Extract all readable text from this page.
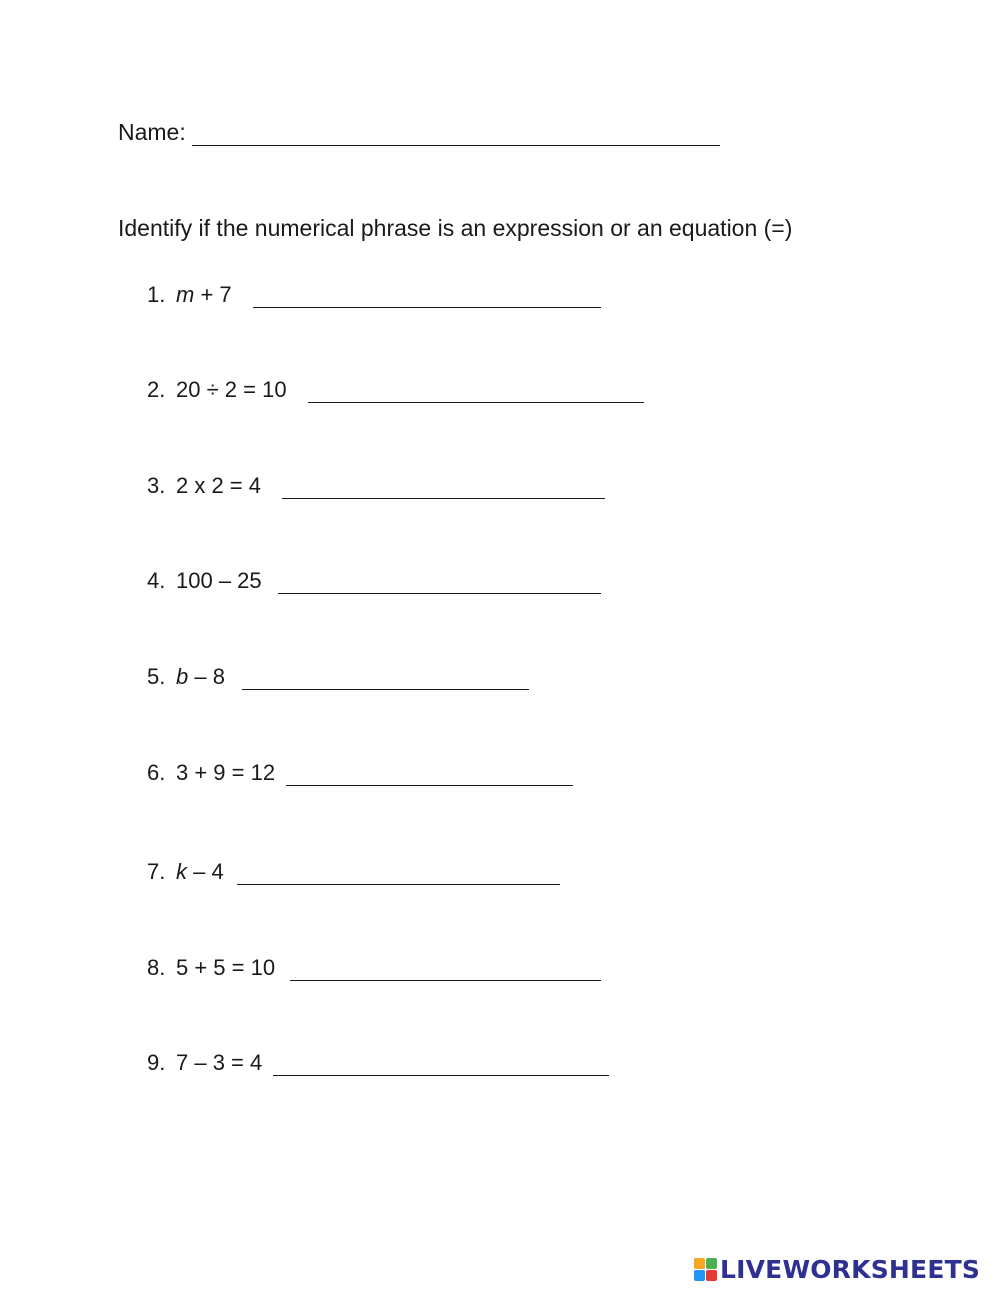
Name:
Identify if the numerical phrase is an expression or an equation (=)
1. m + 7
2. 20 ÷ 2 = 10
3. 2 x 2 = 4
4. 100 – 25
5. b – 8
6. 3 + 9 = 12
7. k – 4
8. 5 + 5 = 10
9. 7 – 3 = 4
LIVEWORKSHEETS
